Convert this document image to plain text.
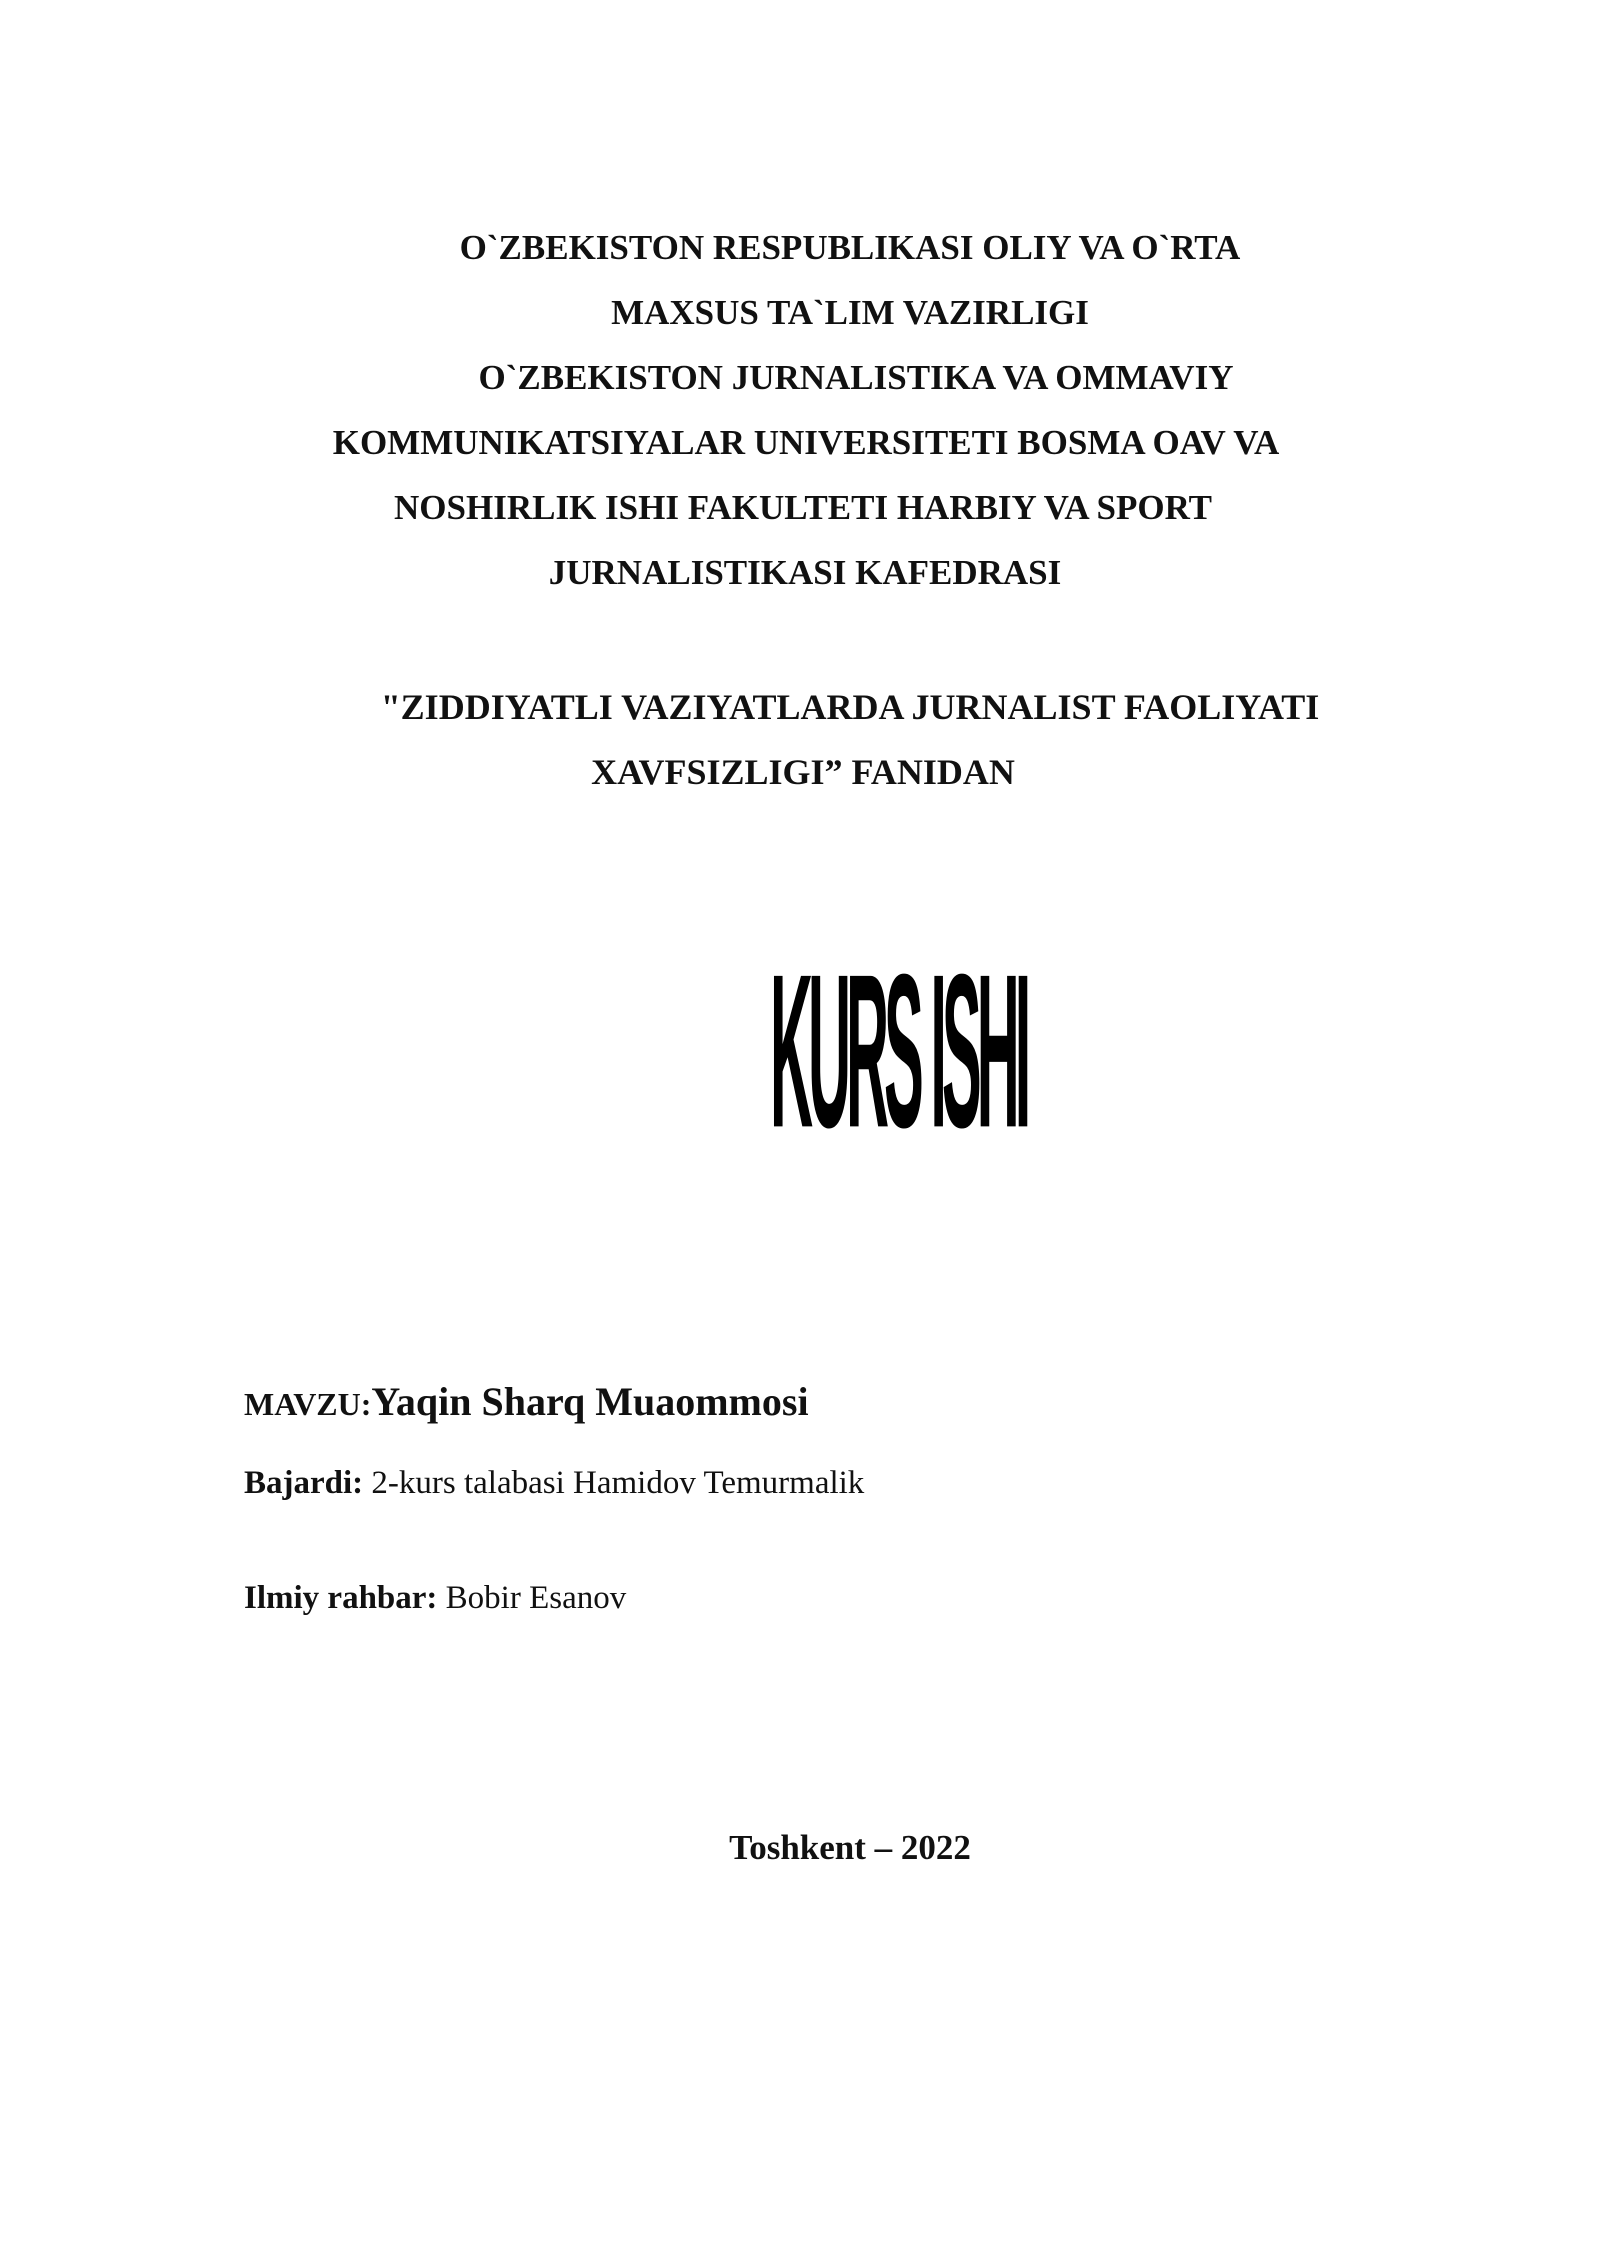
O`ZBEKISTON RESPUBLIKASI OLIY VA O`RTA
MAXSUS TA`LIM VAZIRLIGI
O`ZBEKISTON JURNALISTIKA VA OMMAVIY
KOMMUNIKATSIYALAR UNIVERSITETI BOSMA OAV VA
NOSHIRLIK ISHI FAKULTETI HARBIY VA SPORT
JURNALISTIKASI KAFEDRASI
"ZIDDIYATLI VAZIYATLARDA JURNALIST FAOLIYATI
XAVFSIZLIGI” FANIDAN
KURS ISHI
MAVZU:Yaqin Sharq Muaommosi
Bajardi: 2-kurs talabasi Hamidov Temurmalik
Ilmiy rahbar: Bobir Esanov
Toshkent – 2022
